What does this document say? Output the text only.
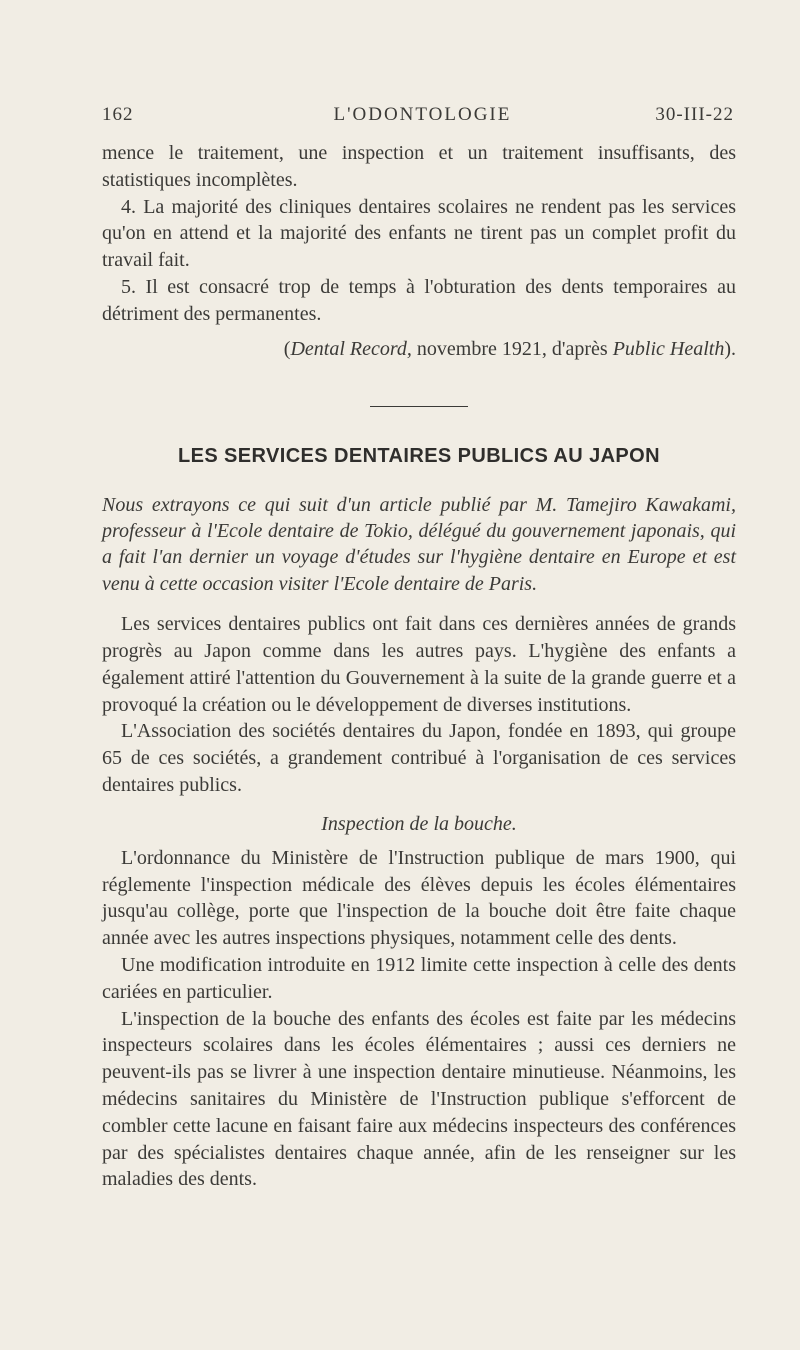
162	L'ODONTOLOGIE	30-III-22

mence le traitement, une inspection et un traitement insuffisants, des statistiques incomplètes.

4. La majorité des cliniques dentaires scolaires ne rendent pas les services qu'on en attend et la majorité des enfants ne tirent pas un complet profit du travail fait.

5. Il est consacré trop de temps à l'obturation des dents temporaires au détriment des permanentes.

(Dental Record, novembre 1921, d'après Public Health).
LES SERVICES DENTAIRES PUBLICS AU JAPON

Nous extrayons ce qui suit d'un article publié par M. Tamejiro Kawakami, professeur à l'Ecole dentaire de Tokio, délégué du gouvernement japonais, qui a fait l'an dernier un voyage d'études sur l'hygiène dentaire en Europe et est venu à cette occasion visiter l'Ecole dentaire de Paris.

Les services dentaires publics ont fait dans ces dernières années de grands progrès au Japon comme dans les autres pays. L'hygiène des enfants a également attiré l'attention du Gouvernement à la suite de la grande guerre et a provoqué la création ou le développement de diverses institutions.

L'Association des sociétés dentaires du Japon, fondée en 1893, qui groupe 65 de ces sociétés, a grandement contribué à l'organisation de ces services dentaires publics.

Inspection de la bouche.

L'ordonnance du Ministère de l'Instruction publique de mars 1900, qui réglemente l'inspection médicale des élèves depuis les écoles élémentaires jusqu'au collège, porte que l'inspection de la bouche doit être faite chaque année avec les autres inspections physiques, notamment celle des dents.

Une modification introduite en 1912 limite cette inspection à celle des dents cariées en particulier.

L'inspection de la bouche des enfants des écoles est faite par les médecins inspecteurs scolaires dans les écoles élémentaires ; aussi ces derniers ne peuvent-ils pas se livrer à une inspection dentaire minutieuse. Néanmoins, les médecins sanitaires du Ministère de l'Instruction publique s'efforcent de combler cette lacune en faisant faire aux médecins inspecteurs des conférences par des spécialistes dentaires chaque année, afin de les renseigner sur les maladies des dents.
